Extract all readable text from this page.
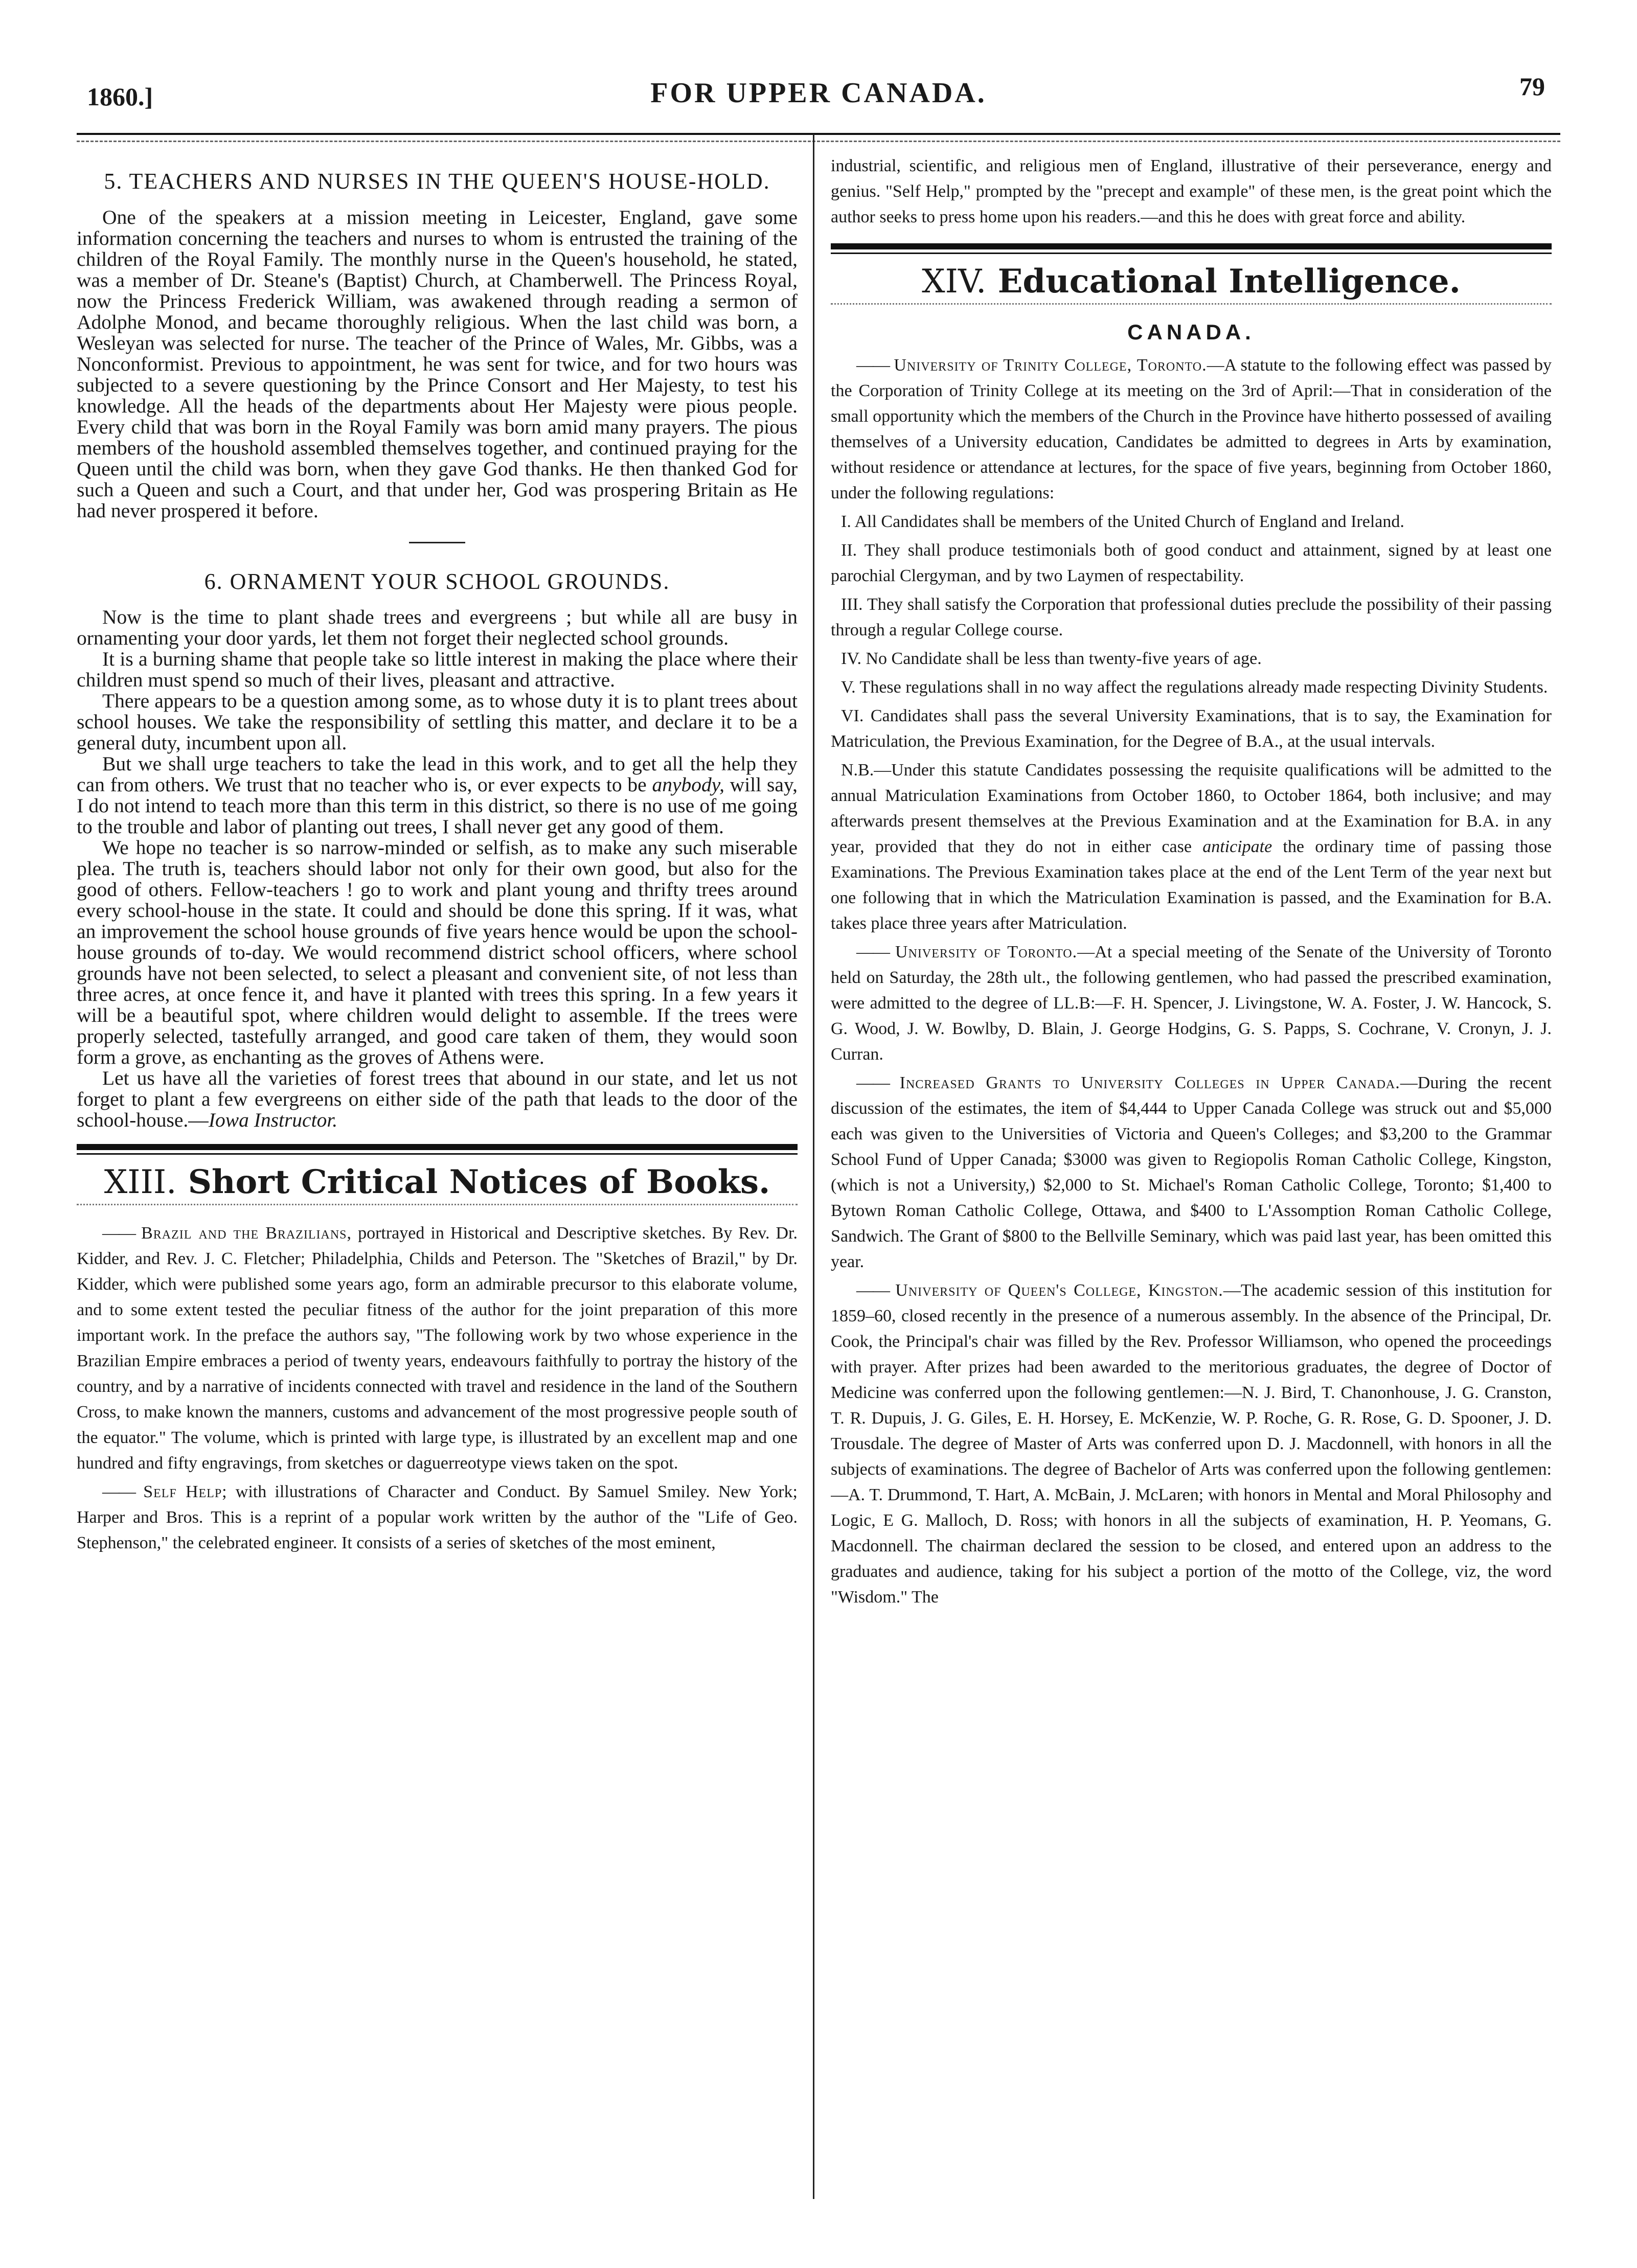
1860.]	FOR UPPER CANADA.	79
5. TEACHERS AND NURSES IN THE QUEEN'S HOUSE-HOLD.

One of the speakers at a mission meeting in Leicester, England, gave some information concerning the teachers and nurses to whom is entrusted the training of the children of the Royal Family. The monthly nurse in the Queen's household, he stated, was a member of Dr. Steane's (Baptist) Church, at Chamberwell. The Princess Royal, now the Princess Frederick William, was awakened through reading a sermon of Adolphe Monod, and became thoroughly religious. When the last child was born, a Wesleyan was selected for nurse. The teacher of the Prince of Wales, Mr. Gibbs, was a Nonconformist. Previous to appointment, he was sent for twice, and for two hours was subjected to a severe questioning by the Prince Consort and Her Majesty, to test his knowledge. All the heads of the departments about Her Majesty were pious people. Every child that was born in the Royal Family was born amid many prayers. The pious members of the houshold assembled themselves together, and continued praying for the Queen until the child was born, when they gave God thanks. He then thanked God for such a Queen and such a Court, and that under her, God was prospering Britain as He had never prospered it before.

6. ORNAMENT YOUR SCHOOL GROUNDS.

Now is the time to plant shade trees and evergreens ; but while all are busy in ornamenting your door yards, let them not forget their neglected school grounds.

It is a burning shame that people take so little interest in making the place where their children must spend so much of their lives, pleasant and attractive.

There appears to be a question among some, as to whose duty it is to plant trees about school houses. We take the responsibility of settling this matter, and declare it to be a general duty, incumbent upon all.

But we shall urge teachers to take the lead in this work, and to get all the help they can from others. We trust that no teacher who is, or ever expects to be anybody, will say, I do not intend to teach more than this term in this district, so there is no use of me going to the trouble and labor of planting out trees, I shall never get any good of them.

We hope no teacher is so narrow-minded or selfish, as to make any such miserable plea. The truth is, teachers should labor not only for their own good, but also for the good of others. Fellow-teachers ! go to work and plant young and thrifty trees around every school-house in the state. It could and should be done this spring. If it was, what an improvement the school house grounds of five years hence would be upon the school-house grounds of to-day. We would recommend district school officers, where school grounds have not been selected, to select a pleasant and convenient site, of not less than three acres, at once fence it, and have it planted with trees this spring. In a few years it will be a beautiful spot, where children would delight to assemble. If the trees were properly selected, tastefully arranged, and good care taken of them, they would soon form a grove, as enchanting as the groves of Athens were.

Let us have all the varieties of forest trees that abound in our state, and let us not forget to plant a few evergreens on either side of the path that leads to the door of the school-house.—Iowa Instructor.

XIII. Short Critical Notices of Books.

—— Brazil and the Brazilians, portrayed in Historical and Descriptive sketches. By Rev. Dr. Kidder, and Rev. J. C. Fletcher; Philadelphia, Childs and Peterson. The "Sketches of Brazil," by Dr. Kidder, which were published some years ago, form an admirable precursor to this elaborate volume, and to some extent tested the peculiar fitness of the author for the joint preparation of this more important work. In the preface the authors say, "The following work by two whose experience in the Brazilian Empire embraces a period of twenty years, endeavours faithfully to portray the history of the country, and by a narrative of incidents connected with travel and residence in the land of the Southern Cross, to make known the manners, customs and advancement of the most progressive people south of the equator." The volume, which is printed with large type, is illustrated by an excellent map and one hundred and fifty engravings, from sketches or daguerreotype views taken on the spot.

—— Self Help; with illustrations of Character and Conduct. By Samuel Smiley. New York; Harper and Bros. This is a reprint of a popular work written by the author of the "Life of Geo. Stephenson," the celebrated engineer. It consists of a series of sketches of the most eminent,

industrial, scientific, and religious men of England, illustrative of their perseverance, energy and genius. "Self Help," prompted by the "precept and example" of these men, is the great point which the author seeks to press home upon his readers.—and this he does with great force and ability.

XIV. Educational Intelligence.
CANADA.

—— University of Trinity College, Toronto.—A statute to the following effect was passed by the Corporation of Trinity College at its meeting on the 3rd of April:—That in consideration of the small opportunity which the members of the Church in the Province have hitherto possessed of availing themselves of a University education, Candidates be admitted to degrees in Arts by examination, without residence or attendance at lectures, for the space of five years, beginning from October 1860, under the following regulations:

I. All Candidates shall be members of the United Church of England and Ireland.

II. They shall produce testimonials both of good conduct and attainment, signed by at least one parochial Clergyman, and by two Laymen of respectability.

III. They shall satisfy the Corporation that professional duties preclude the possibility of their passing through a regular College course.

IV. No Candidate shall be less than twenty-five years of age.

V. These regulations shall in no way affect the regulations already made respecting Divinity Students.

VI. Candidates shall pass the several University Examinations, that is to say, the Examination for Matriculation, the Previous Examination, for the Degree of B.A., at the usual intervals.

N.B.—Under this statute Candidates possessing the requisite qualifications will be admitted to the annual Matriculation Examinations from October 1860, to October 1864, both inclusive; and may afterwards present themselves at the Previous Examination and at the Examination for B.A. in any year, provided that they do not in either case anticipate the ordinary time of passing those Examinations. The Previous Examination takes place at the end of the Lent Term of the year next but one following that in which the Matriculation Examination is passed, and the Examination for B.A. takes place three years after Matriculation.

—— University of Toronto.—At a special meeting of the Senate of the University of Toronto held on Saturday, the 28th ult., the following gentlemen, who had passed the prescribed examination, were admitted to the degree of LL.B:—F. H. Spencer, J. Livingstone, W. A. Foster, J. W. Hancock, S. G. Wood, J. W. Bowlby, D. Blain, J. George Hodgins, G. S. Papps, S. Cochrane, V. Cronyn, J. J. Curran.

—— Increased Grants to University Colleges in Upper Canada.—During the recent discussion of the estimates, the item of $4,444 to Upper Canada College was struck out and $5,000 each was given to the Universities of Victoria and Queen's Colleges; and $3,200 to the Grammar School Fund of Upper Canada; $3000 was given to Regiopolis Roman Catholic College, Kingston, (which is not a University,) $2,000 to St. Michael's Roman Catholic College, Toronto; $1,400 to Bytown Roman Catholic College, Ottawa, and $400 to L'Assomption Roman Catholic College, Sandwich. The Grant of $800 to the Bellville Seminary, which was paid last year, has been omitted this year.

—— University of Queen's College, Kingston.—The academic session of this institution for 1859–60, closed recently in the presence of a numerous assembly. In the absence of the Principal, Dr. Cook, the Principal's chair was filled by the Rev. Professor Williamson, who opened the proceedings with prayer. After prizes had been awarded to the meritorious graduates, the degree of Doctor of Medicine was conferred upon the following gentlemen:—N. J. Bird, T. Chanonhouse, J. G. Cranston, T. R. Dupuis, J. G. Giles, E. H. Horsey, E. McKenzie, W. P. Roche, G. R. Rose, G. D. Spooner, J. D. Trousdale. The degree of Master of Arts was conferred upon D. J. Macdonnell, with honors in all the subjects of examinations. The degree of Bachelor of Arts was conferred upon the following gentlemen:—A. T. Drummond, T. Hart, A. McBain, J. McLaren; with honors in Mental and Moral Philosophy and Logic, E G. Malloch, D. Ross; with honors in all the subjects of examination, H. P. Yeomans, G. Macdonnell. The chairman declared the session to be closed, and entered upon an address to the graduates and audience, taking for his subject a portion of the motto of the College, viz, the word "Wisdom." The
